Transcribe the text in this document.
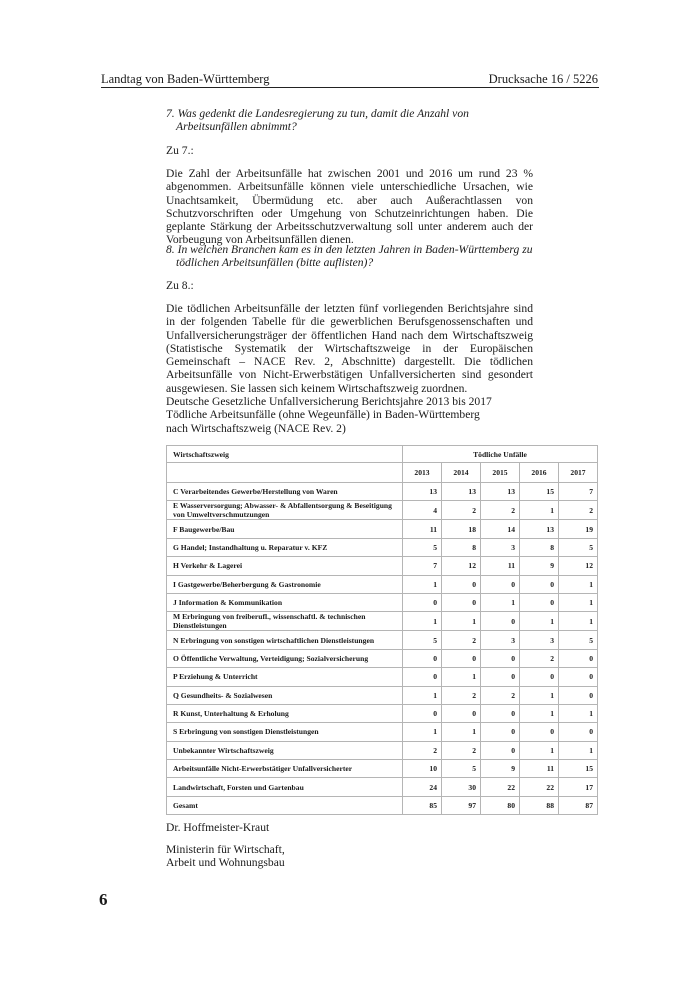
Landtag von Baden-Württemberg	Drucksache 16 / 5226

7. Was gedenkt die Landesregierung zu tun, damit die Anzahl von Arbeitsunfällen abnimmt?

Zu 7.:

Die Zahl der Arbeitsunfälle hat zwischen 2001 und 2016 um rund 23 % abgenommen. Arbeitsunfälle können viele unterschiedliche Ursachen, wie Unachtsamkeit, Übermüdung etc. aber auch Außerachtlassen von Schutzvorschriften oder Umgehung von Schutzeinrichtungen haben. Die geplante Stärkung der Arbeitsschutzverwaltung soll unter anderem auch der Vorbeugung von Arbeitsunfällen dienen.

8. In welchen Branchen kam es in den letzten Jahren in Baden-Württemberg zu tödlichen Arbeitsunfällen (bitte auflisten)?

Zu 8.:

Die tödlichen Arbeitsunfälle der letzten fünf vorliegenden Berichtsjahre sind in der folgenden Tabelle für die gewerblichen Berufsgenossenschaften und Unfallversicherungsträger der öffentlichen Hand nach dem Wirtschaftszweig (Statistische Systematik der Wirtschaftszweige in der Europäischen Gemeinschaft – NACE Rev. 2, Abschnitte) dargestellt. Die tödlichen Arbeitsunfälle von Nicht-Erwerbstätigen Unfallversicherten sind gesondert ausgewiesen. Sie lassen sich keinem Wirtschaftszweig zuordnen.

Deutsche Gesetzliche Unfallversicherung Berichtsjahre 2013 bis 2017
Tödliche Arbeitsunfälle (ohne Wegeunfälle) in Baden-Württemberg
nach Wirtschaftszweig (NACE Rev. 2)
Wirtschaftszweig	Tödliche Unfälle				
	2013	2014	2015	2016	2017
C Verarbeitendes Gewerbe/Herstellung von Waren	13	13	13	15	7
E Wasserversorgung; Abwasser- & Abfallentsorgung & Beseitigung von Umweltverschmutzungen	4	2	2	1	2
F Baugewerbe/Bau	11	18	14	13	19
G Handel; Instandhaltung u. Reparatur v. KFZ	5	8	3	8	5
H Verkehr & Lagerei	7	12	11	9	12
I Gastgewerbe/Beherbergung & Gastronomie	1	0	0	0	1
J Information & Kommunikation	0	0	1	0	1
M Erbringung von freiberufl., wissenschaftl. & technischen Dienstleistungen	1	1	0	1	1
N Erbringung von sonstigen wirtschaftlichen Dienstleistungen	5	2	3	3	5
O Öffentliche Verwaltung, Verteidigung; Sozialversicherung	0	0	0	2	0
P Erziehung & Unterricht	0	1	0	0	0
Q Gesundheits- & Sozialwesen	1	2	2	1	0
R Kunst, Unterhaltung & Erholung	0	0	0	1	1
S Erbringung von sonstigen Dienstleistungen	1	1	0	0	0
Unbekannter Wirtschaftszweig	2	2	0	1	1
Arbeitsunfälle Nicht-Erwerbstätiger Unfallversicherter	10	5	9	11	15
Landwirtschaft, Forsten und Gartenbau	24	30	22	22	17
Gesamt	85	97	80	88	87
Dr. Hoffmeister-Kraut
Ministerin für Wirtschaft,
Arbeit und Wohnungsbau
6
